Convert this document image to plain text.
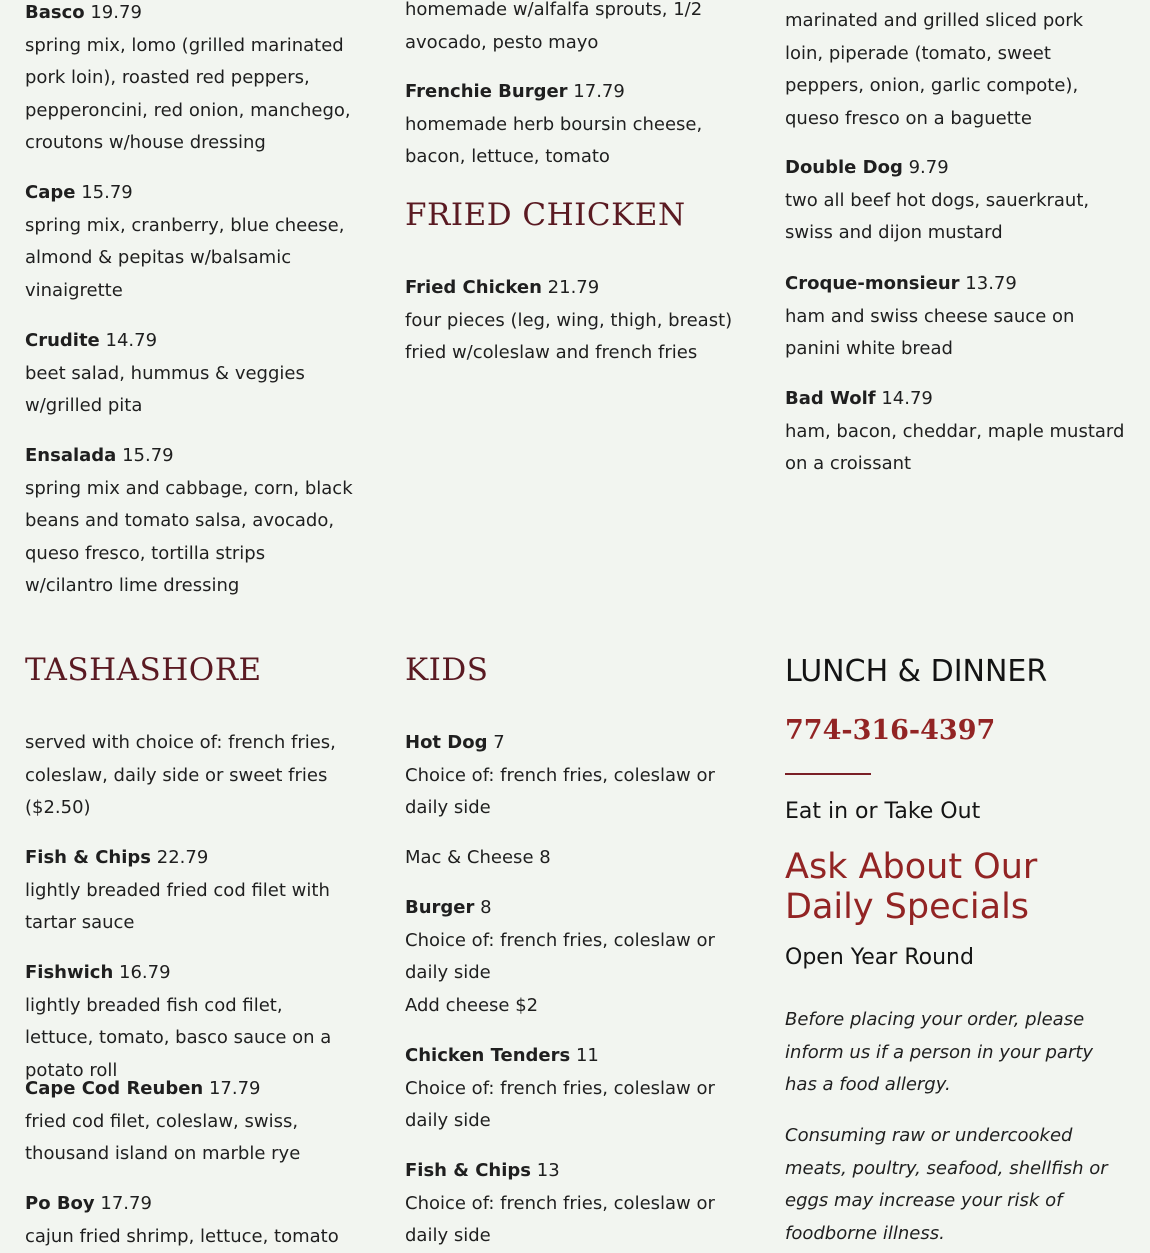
Basco 19.79
spring mix, lomo (grilled marinated pork loin), roasted red peppers, pepperoncini, red onion, manchego, croutons w/house dressing
Cape 15.79
spring mix, cranberry, blue cheese, almond & pepitas w/balsamic vinaigrette
Crudite 14.79
beet salad, hummus & veggies w/grilled pita
Ensalada 15.79
spring mix and cabbage, corn, black beans and tomato salsa, avocado, queso fresco, tortilla strips w/cilantro lime dressing
TASHASHORE
served with choice of: french fries, coleslaw, daily side or sweet fries ($2.50)
Fish & Chips 22.79
lightly breaded fried cod filet with tartar sauce
Fishwich 16.79
lightly breaded fish cod filet, lettuce, tomato, basco sauce on a potato roll
Cape Cod Reuben 17.79
fried cod filet, coleslaw, swiss, thousand island on marble rye
Po Boy 17.79
cajun fried shrimp, lettuce, tomato
homemade w/alfalfa sprouts, 1/2 avocado, pesto mayo
Frenchie Burger 17.79
homemade herb boursin cheese, bacon, lettuce, tomato
FRIED CHICKEN
Fried Chicken 21.79
four pieces (leg, wing, thigh, breast) fried w/coleslaw and french fries
KIDS
Hot Dog 7
Choice of: french fries, coleslaw or daily side
Mac & Cheese 8
Burger 8
Choice of: french fries, coleslaw or daily side
Add cheese $2
Chicken Tenders 11
Choice of: french fries, coleslaw or daily side
Fish & Chips 13
Choice of: french fries, coleslaw or daily side
marinated and grilled sliced pork loin, piperade (tomato, sweet peppers, onion, garlic compote), queso fresco on a baguette
Double Dog 9.79
two all beef hot dogs, sauerkraut, swiss and dijon mustard
Croque-monsieur 13.79
ham and swiss cheese sauce on panini white bread
Bad Wolf 14.79
ham, bacon, cheddar, maple mustard on a croissant
LUNCH & DINNER
774-316-4397
Eat in or Take Out
Ask About Our Daily Specials
Open Year Round
Before placing your order, please inform us if a person in your party has a food allergy.
Consuming raw or undercooked meats, poultry, seafood, shellfish or eggs may increase your risk of foodborne illness.
